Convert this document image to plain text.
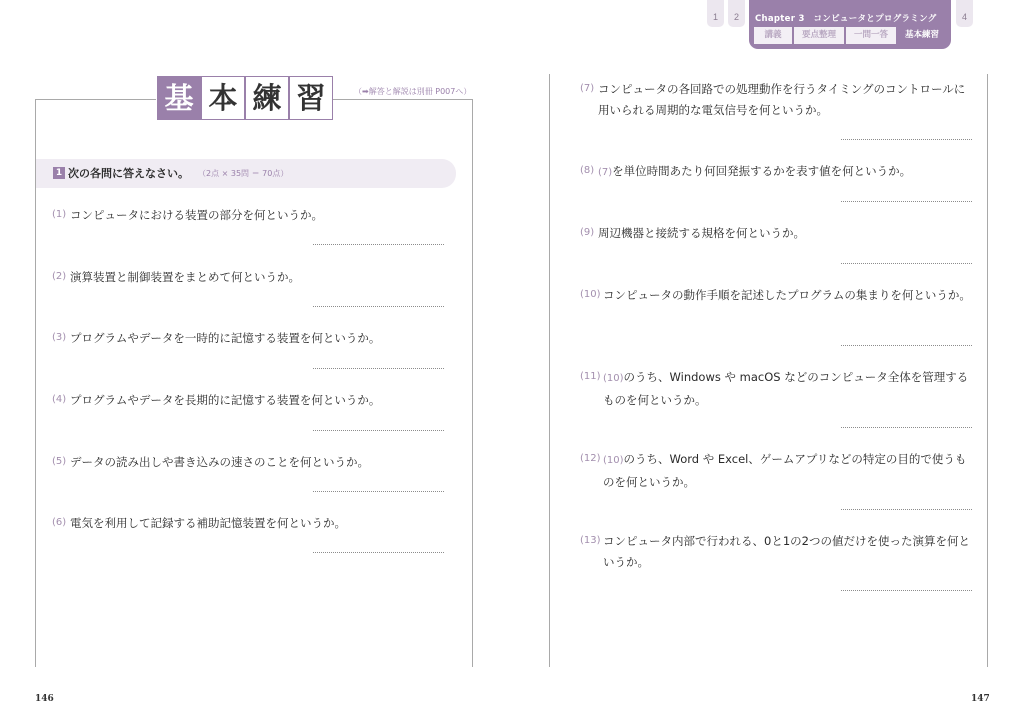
1	2	Chapter 3　コンピュータとプログラミング
講義	要点整理	一問一答	基本練習
4
基 本 練 習	（➡解答と解説は別冊 P007へ）
1 次の各問に答えなさい。 （2点 × 35問 ＝ 70点）
(1) コンピュータにおける装置の部分を何というか。
(2) 演算装置と制御装置をまとめて何というか。
(3) プログラムやデータを一時的に記憶する装置を何というか。
(4) プログラムやデータを長期的に記憶する装置を何というか。
(5) データの読み出しや書き込みの速さのことを何というか。
(6) 電気を利用して記録する補助記憶装置を何というか。
146
(7) コンピュータの各回路での処理動作を行うタイミングのコントロールに用いられる周期的な電気信号を何というか。
(8) (7)を単位時間あたり何回発振するかを表す値を何というか。
(9) 周辺機器と接続する規格を何というか。
(10) コンピュータの動作手順を記述したプログラムの集まりを何というか。
(11) (10)のうち、Windows や macOS などのコンピュータ全体を管理するものを何というか。
(12) (10)のうち、Word や Excel、ゲームアプリなどの特定の目的で使うものを何というか。
(13) コンピュータ内部で行われる、0と1の2つの値だけを使った演算を何というか。
147
